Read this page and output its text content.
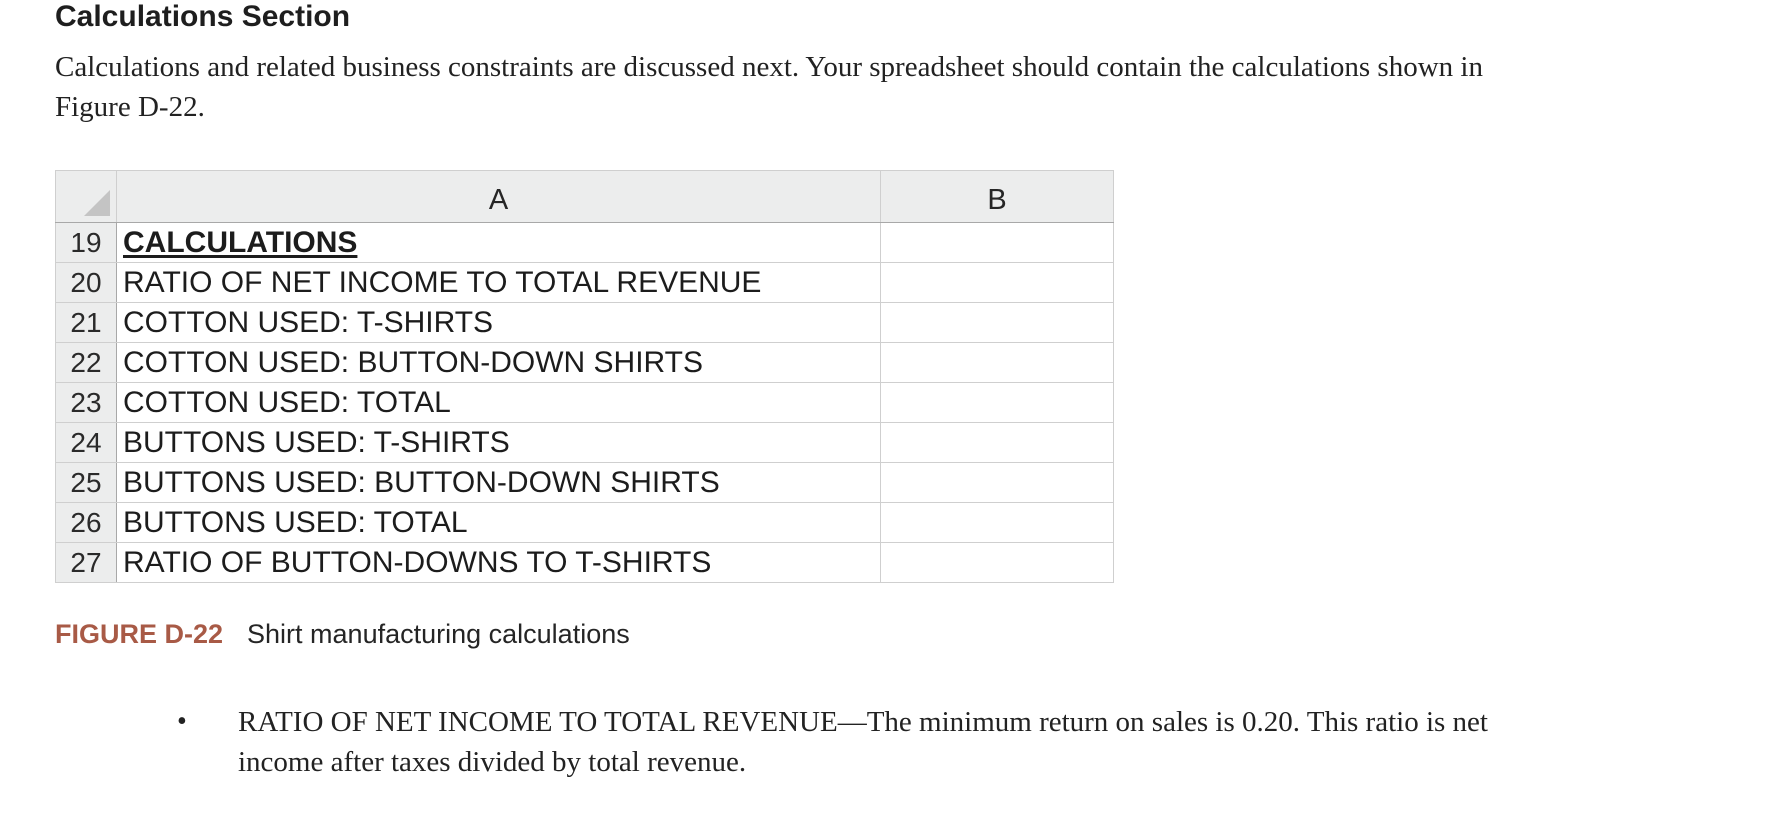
Calculations Section

Calculations and related business constraints are discussed next. Your spreadsheet should contain the calculations shown in Figure D-22.

	A	B
19	CALCULATIONS	
20	RATIO OF NET INCOME TO TOTAL REVENUE	
21	COTTON USED: T-SHIRTS	
22	COTTON USED: BUTTON-DOWN SHIRTS	
23	COTTON USED: TOTAL	
24	BUTTONS USED: T-SHIRTS	
25	BUTTONS USED: BUTTON-DOWN SHIRTS	
26	BUTTONS USED: TOTAL	
27	RATIO OF BUTTON-DOWNS TO T-SHIRTS	
FIGURE D-22 Shirt manufacturing calculations
• RATIO OF NET INCOME TO TOTAL REVENUE—The minimum return on sales is 0.20. This ratio is net income after taxes divided by total revenue.
